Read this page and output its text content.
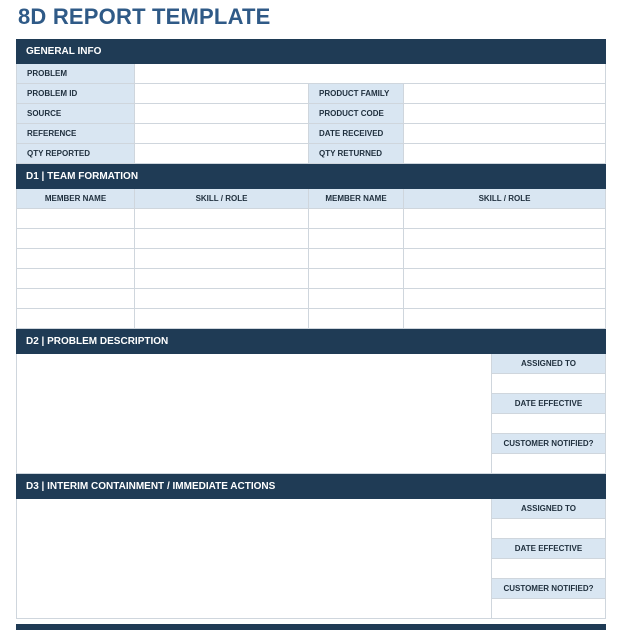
8D REPORT TEMPLATE
GENERAL INFO
PROBLEM
PROBLEM ID	PRODUCT FAMILY
SOURCE	PRODUCT CODE
REFERENCE	DATE RECEIVED
QTY REPORTED	QTY RETURNED
D1 | TEAM FORMATION
MEMBER NAME	SKILL / ROLE	MEMBER NAME	SKILL / ROLE
D2 | PROBLEM DESCRIPTION
ASSIGNED TO
DATE EFFECTIVE
CUSTOMER NOTIFIED?
D3 | INTERIM CONTAINMENT / IMMEDIATE ACTIONS
ASSIGNED TO
DATE EFFECTIVE
CUSTOMER NOTIFIED?
